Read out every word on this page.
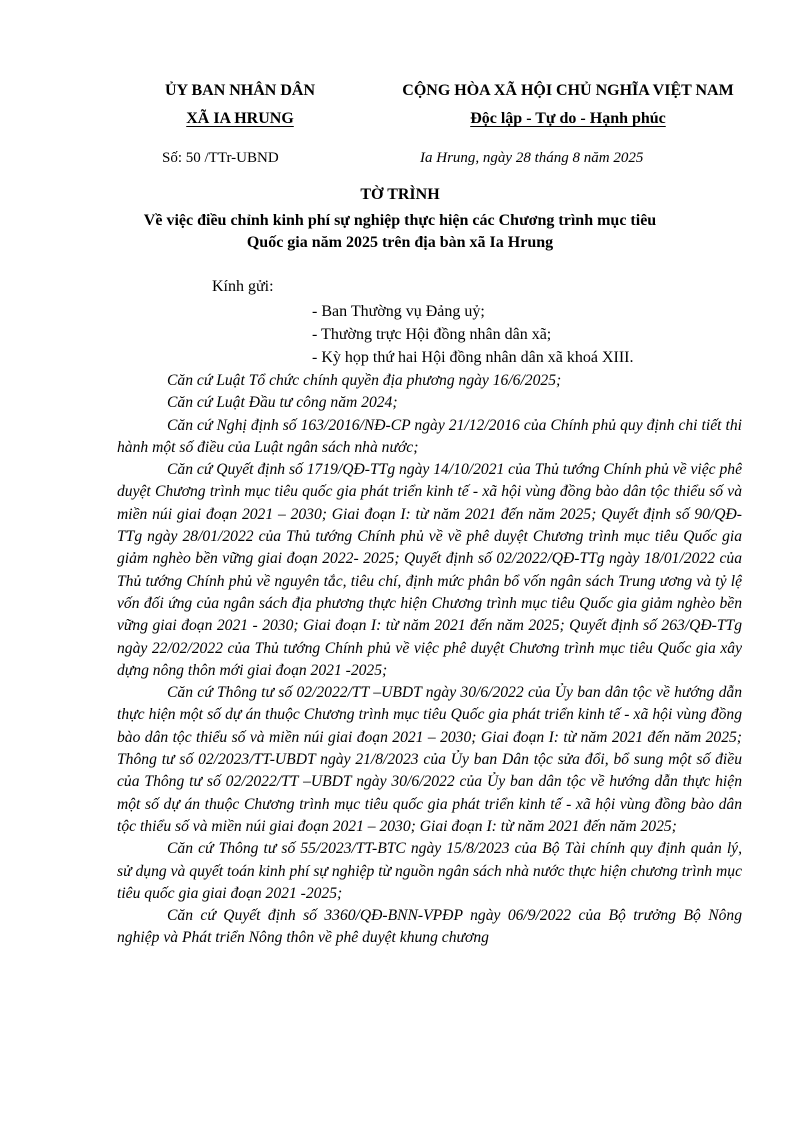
ỦY BAN NHÂN DÂN
XÃ IA HRUNG
CỘNG HÒA XÃ HỘI CHỦ NGHĨA VIỆT NAM
Độc lập - Tự do - Hạnh phúc
Số: 50 /TTr-UBND	Ia Hrung, ngày 28 tháng 8 năm 2025
TỜ TRÌNH
Về việc điều chỉnh kinh phí sự nghiệp thực hiện các Chương trình mục tiêu
Quốc gia năm 2025 trên địa bàn xã Ia Hrung
Kính gửi:
- Ban Thường vụ Đảng uỷ;
- Thường trực Hội đồng nhân dân xã;
- Kỳ họp thứ hai Hội đồng nhân dân xã khoá XIII.

Căn cứ Luật Tổ chức chính quyền địa phương ngày 16/6/2025;

Căn cứ Luật Đầu tư công năm 2024;

Căn cứ Nghị định số 163/2016/NĐ-CP ngày 21/12/2016 của Chính phủ quy định chi tiết thi hành một số điều của Luật ngân sách nhà nước;

Căn cứ Quyết định số 1719/QĐ-TTg ngày 14/10/2021 của Thủ tướng Chính phủ về việc phê duyệt Chương trình mục tiêu quốc gia phát triển kinh tế - xã hội vùng đồng bào dân tộc thiểu số và miền núi giai đoạn 2021 – 2030; Giai đoạn I: từ năm 2021 đến năm 2025; Quyết định số 90/QĐ-TTg ngày 28/01/2022 của Thủ tướng Chính phủ về về phê duyệt Chương trình mục tiêu Quốc gia giảm nghèo bền vững giai đoạn 2022- 2025; Quyết định số 02/2022/QĐ-TTg ngày 18/01/2022 của Thủ tướng Chính phủ về nguyên tắc, tiêu chí, định mức phân bổ vốn ngân sách Trung ương và tỷ lệ vốn đối ứng của ngân sách địa phương thực hiện Chương trình mục tiêu Quốc gia giảm nghèo bền vững giai đoạn 2021 - 2030; Giai đoạn I: từ năm 2021 đến năm 2025; Quyết định số 263/QĐ-TTg ngày 22/02/2022 của Thủ tướng Chính phủ về việc phê duyệt Chương trình mục tiêu Quốc gia xây dựng nông thôn mới giai đoạn 2021 -2025;

Căn cứ Thông tư số 02/2022/TT –UBDT ngày 30/6/2022 của Ủy ban dân tộc về hướng dẫn thực hiện một số dự án thuộc Chương trình mục tiêu Quốc gia phát triển kinh tế - xã hội vùng đồng bào dân tộc thiểu số và miền núi giai đoạn 2021 – 2030; Giai đoạn I: từ năm 2021 đến năm 2025; Thông tư số 02/2023/TT-UBDT ngày 21/8/2023 của Ủy ban Dân tộc sửa đổi, bổ sung một số điều của Thông tư số 02/2022/TT –UBDT ngày 30/6/2022 của Ủy ban dân tộc về hướng dẫn thực hiện một số dự án thuộc Chương trình mục tiêu quốc gia phát triển kinh tế - xã hội vùng đồng bào dân tộc thiểu số và miền núi giai đoạn 2021 – 2030; Giai đoạn I: từ năm 2021 đến năm 2025;

Căn cứ Thông tư số 55/2023/TT-BTC ngày 15/8/2023 của Bộ Tài chính quy định quản lý, sử dụng và quyết toán kinh phí sự nghiệp từ nguồn ngân sách nhà nước thực hiện chương trình mục tiêu quốc gia giai đoạn 2021 -2025;

Căn cứ Quyết định số 3360/QĐ-BNN-VPĐP ngày 06/9/2022 của Bộ trưởng Bộ Nông nghiệp và Phát triển Nông thôn về phê duyệt khung chương
